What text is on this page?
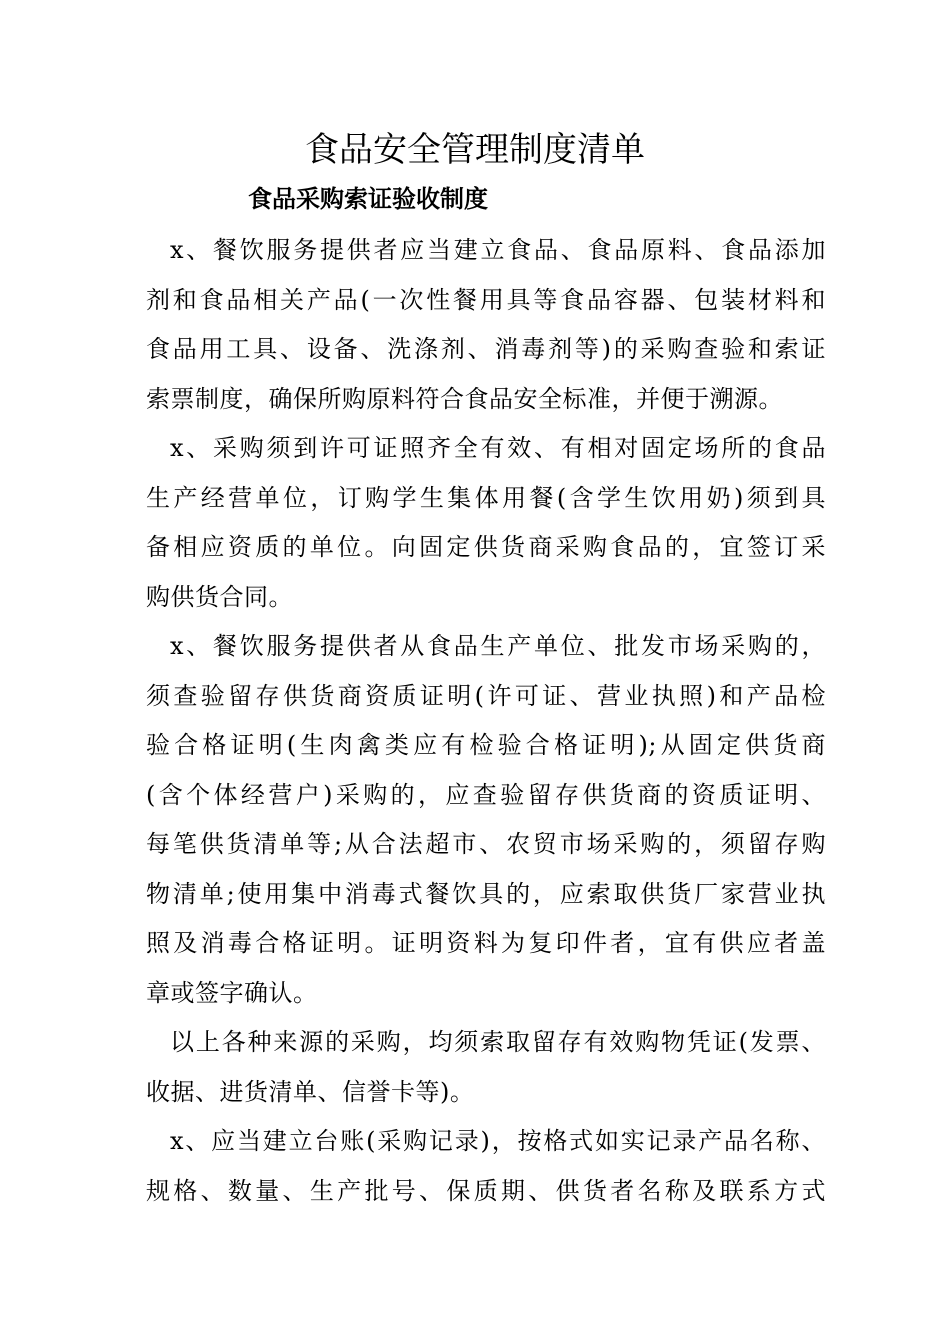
食品安全管理制度清单
食品采购索证验收制度
x、餐饮服务提供者应当建立食品、食品原料、食品添加
剂和食品相关产品(一次性餐用具等食品容器、包装材料和
食品用工具、设备、洗涤剂、消毒剂等)的采购查验和索证
索票制度，确保所购原料符合食品安全标准，并便于溯源。
x、采购须到许可证照齐全有效、有相对固定场所的食品
生产经营单位，订购学生集体用餐(含学生饮用奶)须到具
备相应资质的单位。向固定供货商采购食品的，宜签订采
购供货合同。
x、餐饮服务提供者从食品生产单位、批发市场采购的，
须查验留存供货商资质证明(许可证、营业执照)和产品检
验合格证明(生肉禽类应有检验合格证明);从固定供货商
(含个体经营户)采购的，应查验留存供货商的资质证明、
每笔供货清单等;从合法超市、农贸市场采购的，须留存购
物清单;使用集中消毒式餐饮具的，应索取供货厂家营业执
照及消毒合格证明。证明资料为复印件者，宜有供应者盖
章或签字确认。
以上各种来源的采购，均须索取留存有效购物凭证(发票、
收据、进货清单、信誉卡等)。
x、应当建立台账(采购记录)，按格式如实记录产品名称、
规格、数量、生产批号、保质期、供货者名称及联系方式
